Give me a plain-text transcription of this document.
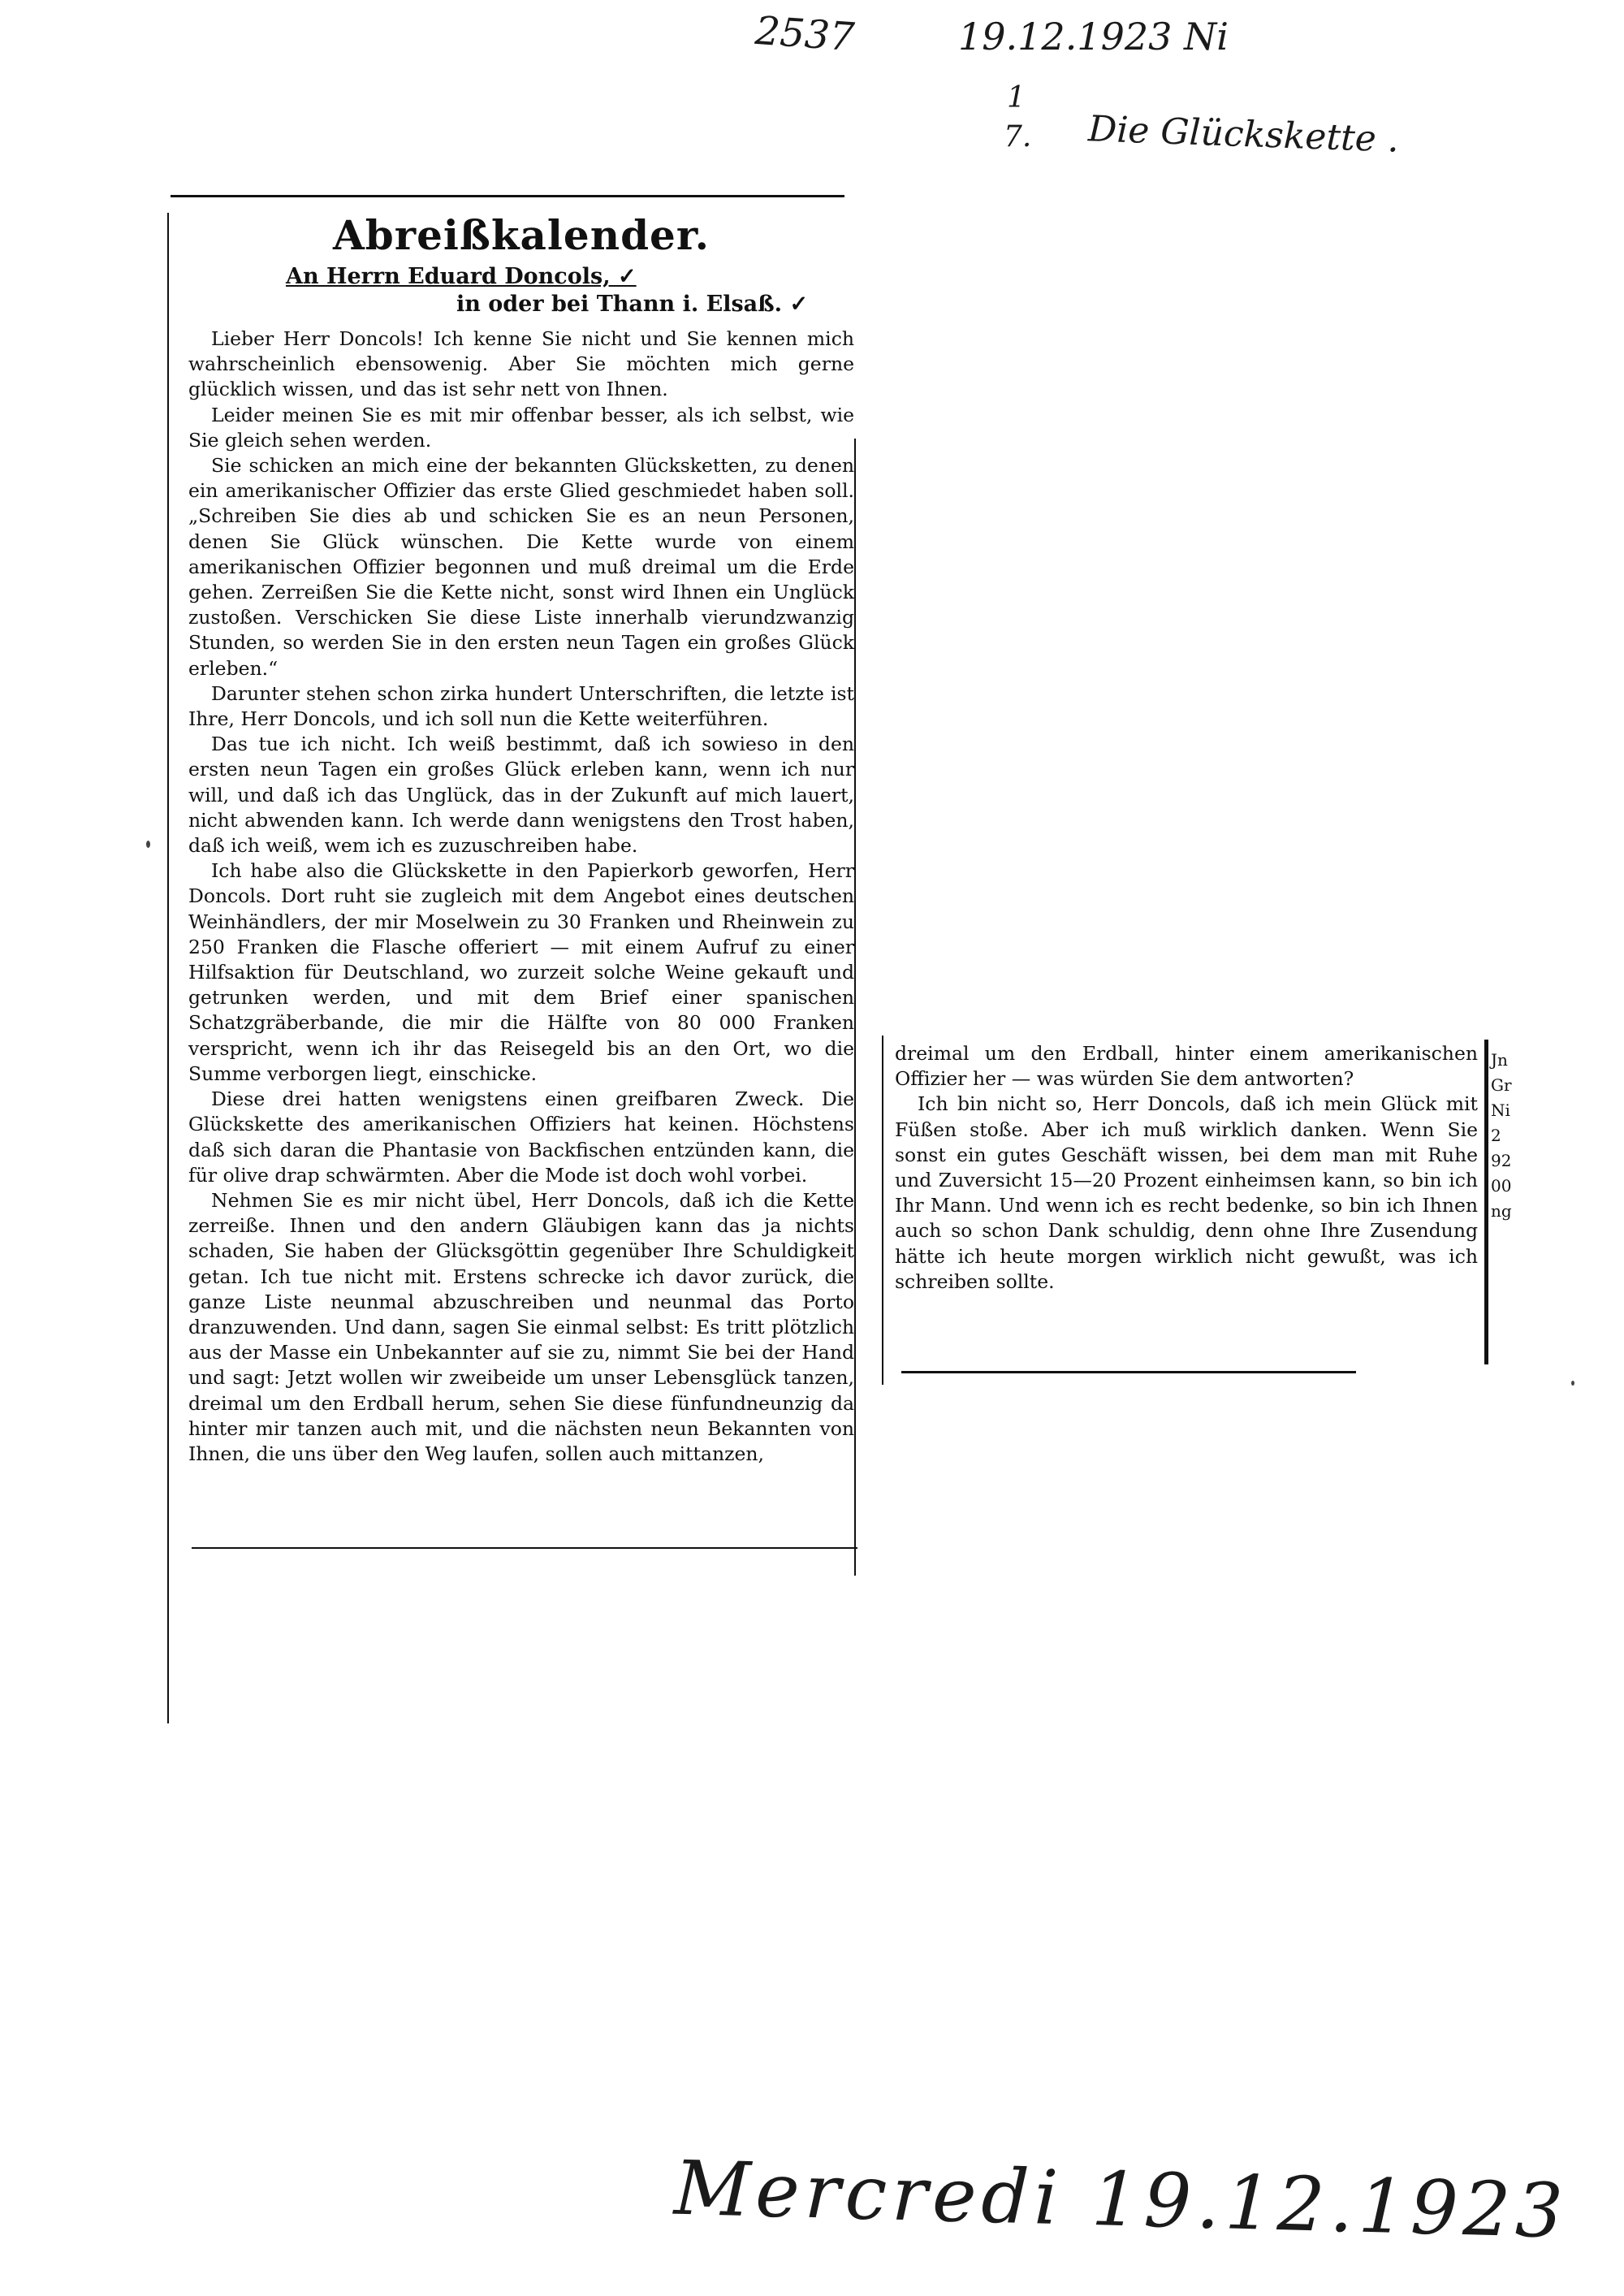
2537	19.12.1923 Ni
1
7. Die Glückskette .
Mercredi 19.12.1923
Abreißkalender.
An Herrn Eduard Doncols, ✓
in oder bei Thann i. Elsaß. ✓

Lieber Herr Doncols! Ich kenne Sie nicht und Sie kennen mich wahrscheinlich ebensowenig. Aber Sie möchten mich gerne glücklich wissen, und das ist sehr nett von Ihnen.

Leider meinen Sie es mit mir offenbar besser, als ich selbst, wie Sie gleich sehen werden.

Sie schicken an mich eine der bekannten Glücksketten, zu denen ein amerikanischer Offizier das erste Glied geschmiedet haben soll. „Schreiben Sie dies ab und schicken Sie es an neun Personen, denen Sie Glück wünschen. Die Kette wurde von einem amerikanischen Offizier begonnen und muß dreimal um die Erde gehen. Zerreißen Sie die Kette nicht, sonst wird Ihnen ein Unglück zustoßen. Verschicken Sie diese Liste innerhalb vierundzwanzig Stunden, so werden Sie in den ersten neun Tagen ein großes Glück erleben.“

Darunter stehen schon zirka hundert Unterschriften, die letzte ist Ihre, Herr Doncols, und ich soll nun die Kette weiterführen.

Das tue ich nicht. Ich weiß bestimmt, daß ich sowieso in den ersten neun Tagen ein großes Glück erleben kann, wenn ich nur will, und daß ich das Unglück, das in der Zukunft auf mich lauert, nicht abwenden kann. Ich werde dann wenigstens den Trost haben, daß ich weiß, wem ich es zuzuschreiben habe.

Ich habe also die Glückskette in den Papierkorb geworfen, Herr Doncols. Dort ruht sie zugleich mit dem Angebot eines deutschen Weinhändlers, der mir Moselwein zu 30 Franken und Rheinwein zu 250 Franken die Flasche offeriert — mit einem Aufruf zu einer Hilfsaktion für Deutschland, wo zurzeit solche Weine gekauft und getrunken werden, und mit dem Brief einer spanischen Schatzgräberbande, die mir die Hälfte von 80 000 Franken verspricht, wenn ich ihr das Reisegeld bis an den Ort, wo die Summe verborgen liegt, einschicke.

Diese drei hatten wenigstens einen greifbaren Zweck. Die Glückskette des amerikanischen Offiziers hat keinen. Höchstens daß sich daran die Phantasie von Backfischen entzünden kann, die für olive drap schwärmten. Aber die Mode ist doch wohl vorbei.

Nehmen Sie es mir nicht übel, Herr Doncols, daß ich die Kette zerreiße. Ihnen und den andern Gläubigen kann das ja nichts schaden, Sie haben der Glücksgöttin gegenüber Ihre Schuldigkeit getan. Ich tue nicht mit. Erstens schrecke ich davor zurück, die ganze Liste neunmal abzuschreiben und neunmal das Porto dranzuwenden. Und dann, sagen Sie einmal selbst: Es tritt plötzlich aus der Masse ein Unbekannter auf sie zu, nimmt Sie bei der Hand und sagt: Jetzt wollen wir zweibeide um unser Lebensglück tanzen, dreimal um den Erdball herum, sehen Sie diese fünfundneunzig da hinter mir tanzen auch mit, und die nächsten neun Bekannten von Ihnen, die uns über den Weg laufen, sollen auch mittanzen,

dreimal um den Erdball, hinter einem amerikanischen Offizier her — was würden Sie dem antworten?

Ich bin nicht so, Herr Doncols, daß ich mein Glück mit Füßen stoße. Aber ich muß wirklich danken. Wenn Sie sonst ein gutes Geschäft wissen, bei dem man mit Ruhe und Zuversicht 15—20 Prozent einheimsen kann, so bin ich Ihr Mann. Und wenn ich es recht bedenke, so bin ich Ihnen auch so schon Dank schuldig, denn ohne Ihre Zusendung hätte ich heute morgen wirklich nicht gewußt, was ich schreiben sollte.

Jn
Gr
Ni
2
92
00
ng
